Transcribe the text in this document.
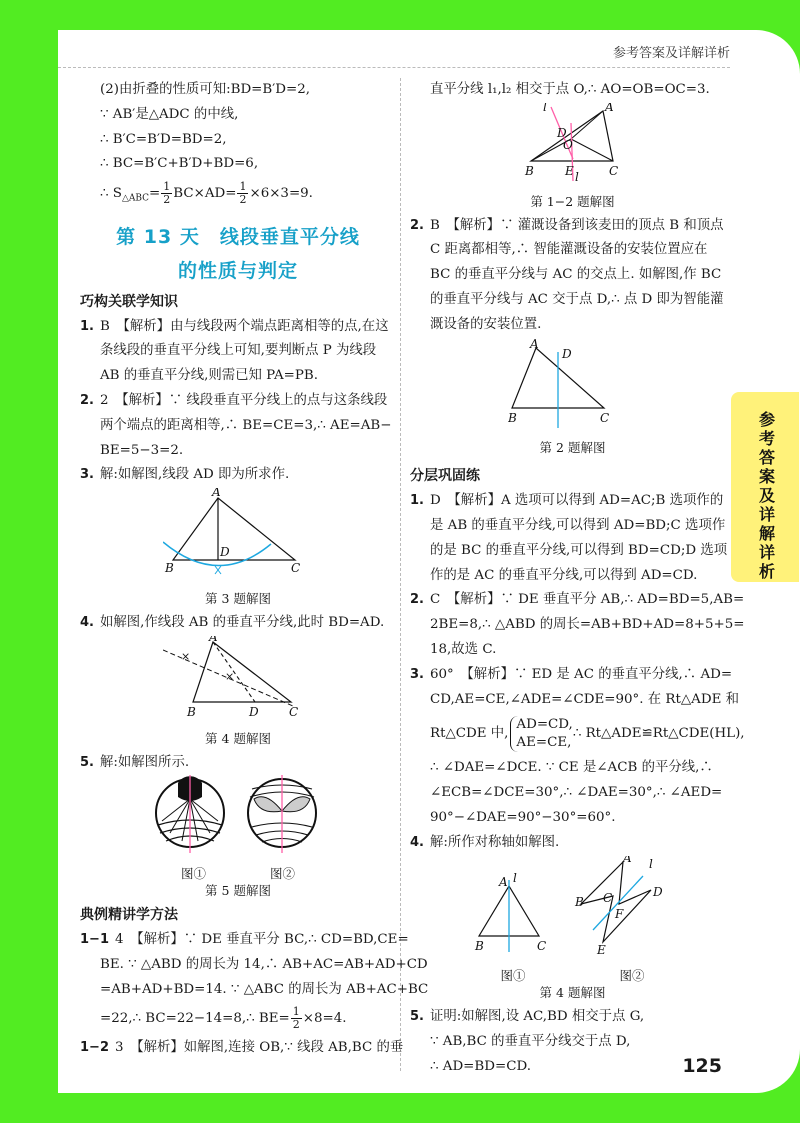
参考答案及详解详析
(2)由折叠的性质可知:BD=B′D=2,
∵ AB′是△ADC 的中线,
∴ B′C=B′D=BD=2,
∴ BC=B′C+B′D+BD=6,
∴ $S_{\triangle ABC}= \frac{1}{2} BC\times AD= \frac{1}{2} \times 6\times 3=9$.
第 13 天　线段垂直平分线
的性质与判定
巧构关联学知识
1. B　【解析】由与线段两个端点距离相等的点,在这
条线段的垂直平分线上可知,要判断点 P 为线段
AB 的垂直平分线,则需已知 PA=PB.
2. 2　【解析】∵ 线段垂直平分线上的点与这条线段
两个端点的距离相等,∴ BE=CE=3,∴ AE=AB−
BE=5−3=2.
3. 解:如解图,线段 AD 即为所求作.
A
B
D
C
第 3 题解图
4. 如解图,作线段 AB 的垂直平分线,此时 BD=AD.
×
×
A
B	D	C
第 4 题解图
5. 解:如解图所示.
图①	图②
第 5 题解图
典例精讲学方法
1−1 4　【解析】∵ DE 垂直平分 BC,∴ CD=BD,CE=
BE. ∵ △ABD 的周长为 14,∴ AB+AC=AB+AD+CD
=AB+AD+BD=14. ∵ △ABC 的周长为 AB+AC+BC
=22,∴ BC=22−14=8,∴ $BE= \frac{1}{2} \times 8=4$.
1−2 3　【解析】如解图,连接 OB,∵ 线段 AB,BC 的垂
直平分线 l₁,l₂ 相交于点 O,∴ AO=OB=OC=3.
l
D
O
A
B	E	C
l
第 1−2 题解图
2. B　【解析】∵ 灌溉设备到该麦田的顶点 B 和顶点
C 距离都相等,∴ 智能灌溉设备的安装位置应在
BC 的垂直平分线与 AC 的交点上. 如解图,作 BC
的垂直平分线与 AC 交于点 D,∴ 点 D 即为智能灌
溉设备的安装位置.
A
D
B	C
第 2 题解图
分层巩固练
1. D　【解析】A 选项可以得到 AD=AC;B 选项作的
是 AB 的垂直平分线,可以得到 AD=BD;C 选项作
的是 BC 的垂直平分线,可以得到 BD=CD;D 选项
作的是 AC 的垂直平分线,可以得到 AD=CD.
2. C　【解析】∵ DE 垂直平分 AB,∴ AD=BD=5,AB=
2BE=8,∴ △ABD 的周长=AB+BD+AD=8+5+5=
18,故选 C.
3. 60°　【解析】∵ ED 是 AC 的垂直平分线,∴ AD=
CD,AE=CE,∠ADE=∠CDE=90°. 在 Rt△ADE 和
Rt△CDE 中,
AD=CD,
AE=CE,
∴ Rt△ADE≌Rt△CDE(HL),
∴ ∠DAE=∠DCE. ∵ CE 是∠ACB 的平分线,∴
∠ECB=∠DCE=30°,∴ ∠DAE=30°,∴ ∠AED=
90°−∠DAE=90°−30°=60°.
4. 解:所作对称轴如解图.
A l
B	C
A l
C	D
B
F
E
图①	图②
第 4 题解图
5. 证明:如解图,设 AC,BD 相交于点 G,
∵ AB,BC 的垂直平分线交于点 D,
∴ AD=BD=CD.	125
参考答案及详解详析
